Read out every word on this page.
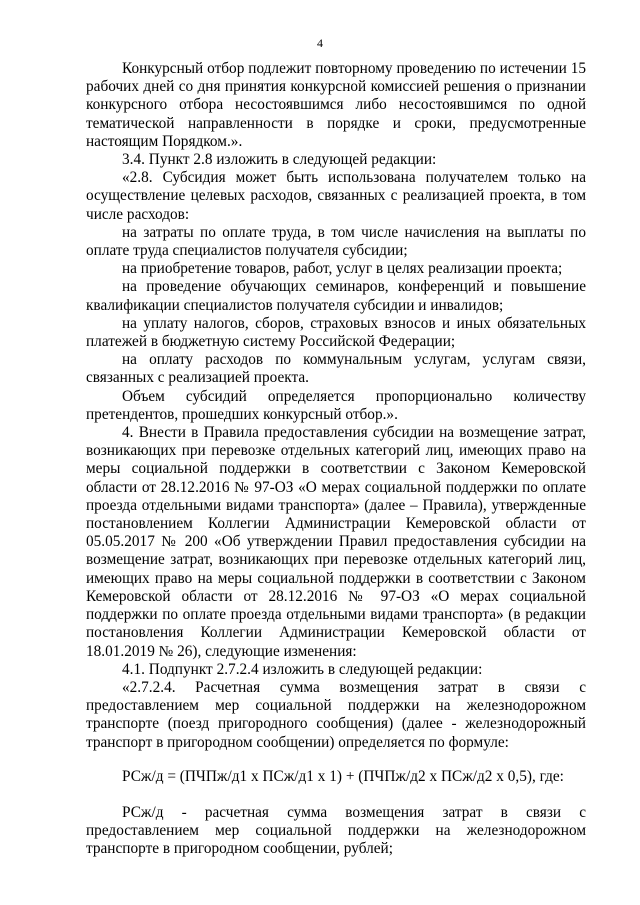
4

Конкурсный отбор подлежит повторному проведению по истечении 15 рабочих дней со дня принятия конкурсной комиссией решения о признании конкурсного отбора несостоявшимся либо несостоявшимся по одной тематической направленности в порядке и сроки, предусмотренные настоящим Порядком.».

3.4. Пункт 2.8 изложить в следующей редакции:

«2.8. Субсидия может быть использована получателем только на осуществление целевых расходов, связанных с реализацией проекта, в том числе расходов:

на затраты по оплате труда, в том числе начисления на выплаты по оплате труда специалистов получателя субсидии;

на приобретение товаров, работ, услуг в целях реализации проекта;

на проведение обучающих семинаров, конференций и повышение квалификации специалистов получателя субсидии и инвалидов;

на уплату налогов, сборов, страховых взносов и иных обязательных платежей в бюджетную систему Российской Федерации;

на оплату расходов по коммунальным услугам, услугам связи, связанных с реализацией проекта.

Объем субсидий определяется пропорционально количеству претендентов, прошедших конкурсный отбор.».

4. Внести в Правила предоставления субсидии на возмещение затрат, возникающих при перевозке отдельных категорий лиц, имеющих право на меры социальной поддержки в соответствии с Законом Кемеровской области от 28.12.2016 № 97-ОЗ «О мерах социальной поддержки по оплате проезда отдельными видами транспорта» (далее – Правила), утвержденные постановлением Коллегии Администрации Кемеровской области от 05.05.2017 № 200 «Об утверждении Правил предоставления субсидии на возмещение затрат, возникающих при перевозке отдельных категорий лиц, имеющих право на меры социальной поддержки в соответствии с Законом Кемеровской области от 28.12.2016 № 97-ОЗ «О мерах социальной поддержки по оплате проезда отдельными видами транспорта» (в редакции постановления Коллегии Администрации Кемеровской области от 18.01.2019 № 26), следующие изменения:

4.1. Подпункт 2.7.2.4 изложить в следующей редакции:

«2.7.2.4. Расчетная сумма возмещения затрат в связи с предоставлением мер социальной поддержки на железнодорожном транспорте (поезд пригородного сообщения) (далее - железнодорожный транспорт в пригородном сообщении) определяется по формуле:

РСж/д = (ПЧПж/д1 x ПСж/д1 x 1) + (ПЧПж/д2 x ПСж/д2 x 0,5), где:

РСж/д - расчетная сумма возмещения затрат в связи с предоставлением мер социальной поддержки на железнодорожном транспорте в пригородном сообщении, рублей;
